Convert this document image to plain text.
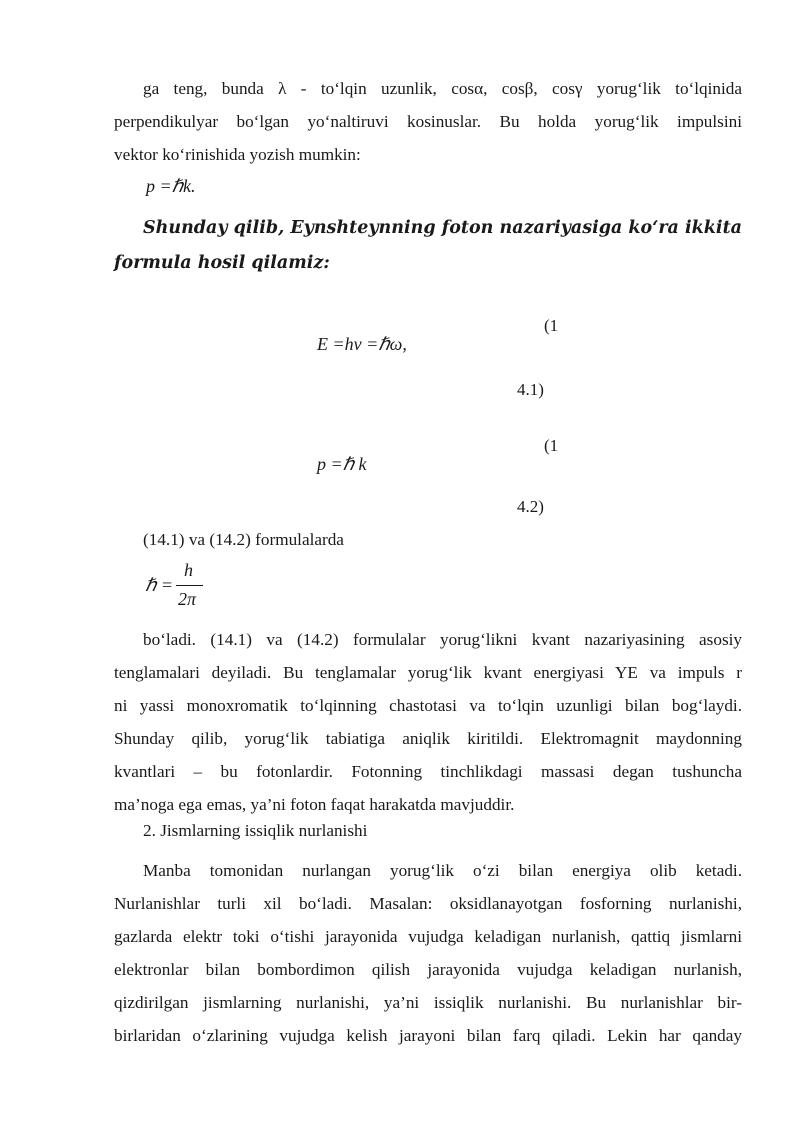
ga teng, bunda λ - to‘lqin uzunlik, cosα, cosβ, cosγ yorug‘lik to‘lqinida

perpendikulyar bo‘lgan yo‘naltiruvi kosinuslar. Bu holda yorug‘lik impulsini

vektor ko‘rinishida yozish mumkin:

p =ℏk.

Shunday qilib, Eynshteynning foton nazariyasiga ko‘ra ikkita

formula hosil qilamiz:

(1
E =hν =ℏω,
4.1)
(1
p =ℏ k
4.2)
(14.1) va (14.2) formulalarda
ℏ =
h
2π

bo‘ladi. (14.1) va (14.2) formulalar yorug‘likni kvant nazariyasining asosiy

tenglamalari deyiladi. Bu tenglamalar yorug‘lik kvant energiyasi YE va impuls r

ni yassi monoxromatik to‘lqinning chastotasi va to‘lqin uzunligi bilan bog‘laydi.

Shunday qilib, yorug‘lik tabiatiga aniqlik kiritildi. Elektromagnit maydonning

kvantlari – bu fotonlardir. Fotonning tinchlikdagi massasi degan tushuncha

ma’noga ega emas, ya’ni foton faqat harakatda mavjuddir.

2. Jismlarning issiqlik nurlanishi

Manba tomonidan nurlangan yorug‘lik o‘zi bilan energiya olib ketadi.

Nurlanishlar turli xil bo‘ladi. Masalan: oksidlanayotgan fosforning nurlanishi,

gazlarda elektr toki o‘tishi jarayonida vujudga keladigan nurlanish, qattiq jismlarni

elektronlar bilan bombordimon qilish jarayonida vujudga keladigan nurlanish,

qizdirilgan jismlarning nurlanishi, ya’ni issiqlik nurlanishi. Bu nurlanishlar bir-

birlaridan o‘zlarining vujudga kelish jarayoni bilan farq qiladi. Lekin har qanday
